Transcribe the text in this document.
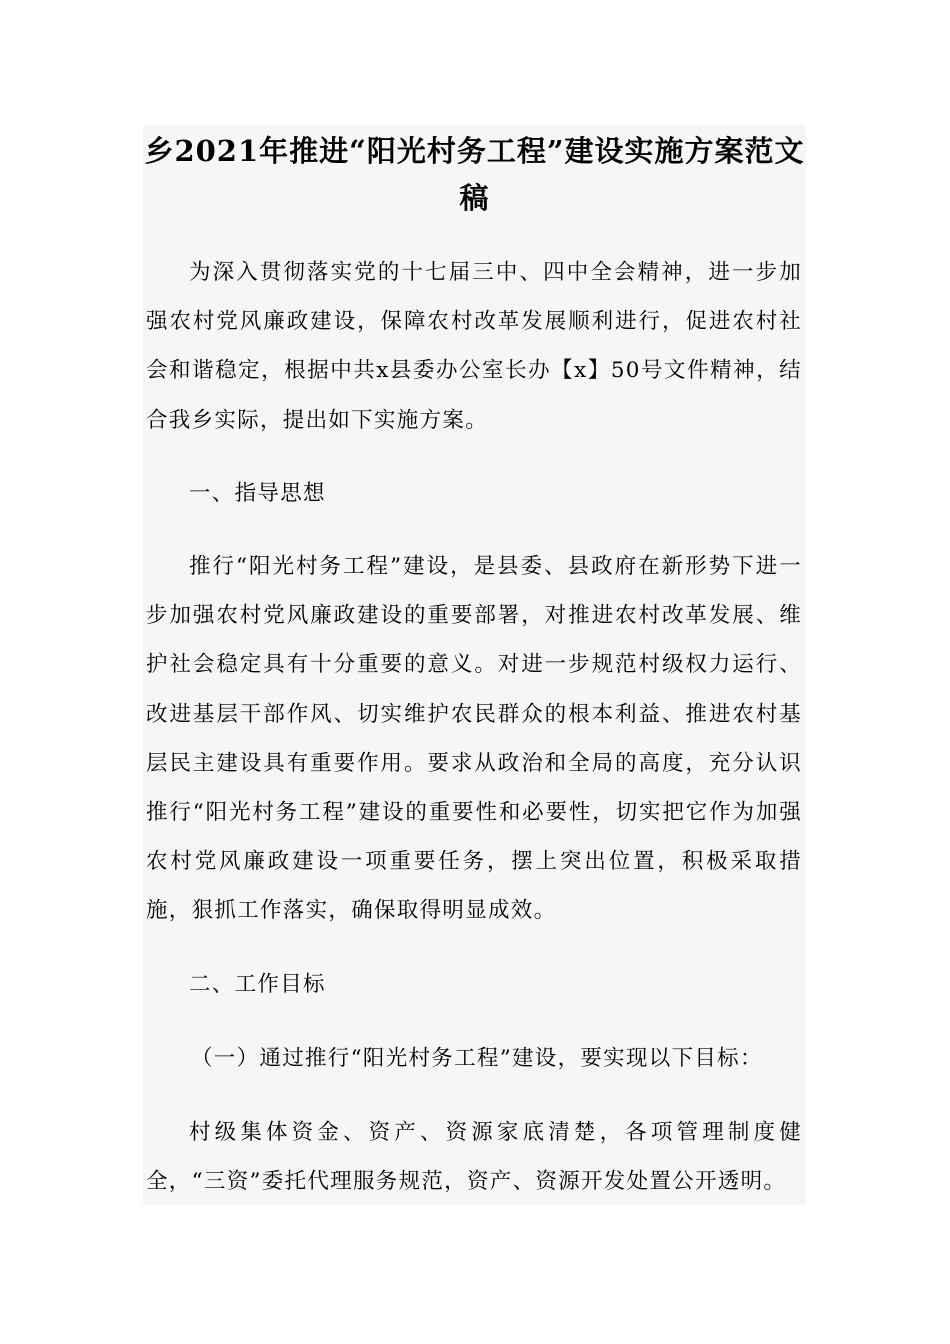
乡2021年推进“阳光村务工程”建设实施方案范文稿

为深入贯彻落实党的十七届三中、四中全会精神，进一步加强农村党风廉政建设，保障农村改革发展顺利进行，促进农村社会和谐稳定，根据中共x县委办公室长办【x】50号文件精神，结合我乡实际，提出如下实施方案。

一、指导思想

推行“阳光村务工程”建设，是县委、县政府在新形势下进一步加强农村党风廉政建设的重要部署，对推进农村改革发展、维护社会稳定具有十分重要的意义。对进一步规范村级权力运行、改进基层干部作风、切实维护农民群众的根本利益、推进农村基层民主建设具有重要作用。要求从政治和全局的高度，充分认识推行“阳光村务工程”建设的重要性和必要性，切实把它作为加强农村党风廉政建设一项重要任务，摆上突出位置，积极采取措施，狠抓工作落实，确保取得明显成效。

二、工作目标

（一）通过推行“阳光村务工程”建设，要实现以下目标：

村级集体资金、资产、资源家底清楚，各项管理制度健全，“三资”委托代理服务规范，资产、资源开发处置公开透明。
